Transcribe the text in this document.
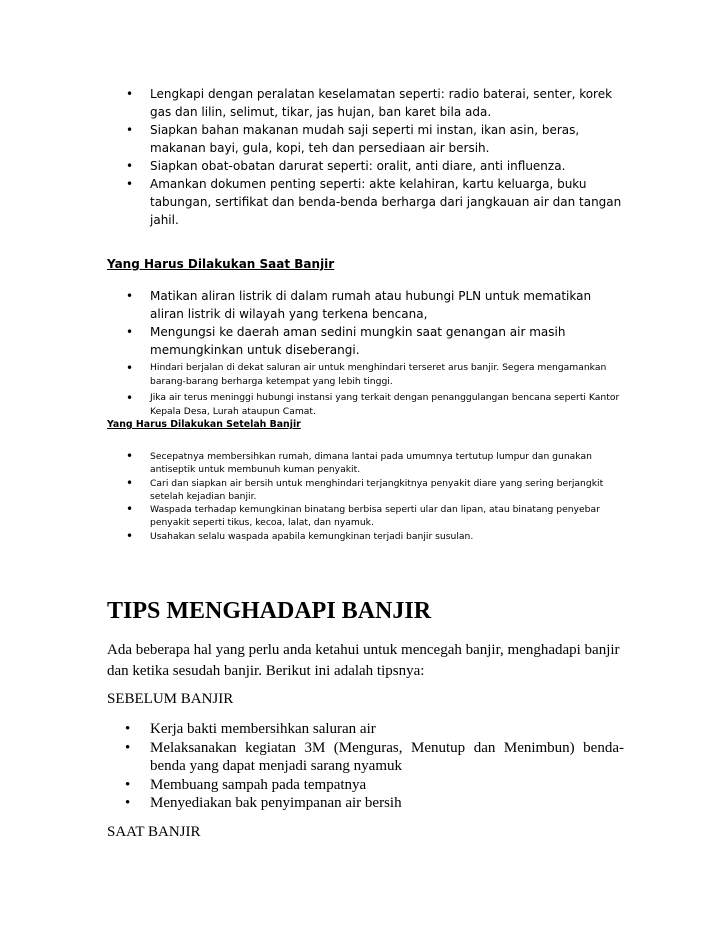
• Lengkapi dengan peralatan keselamatan seperti: radio baterai, senter, korek gas dan lilin, selimut, tikar, jas hujan, ban karet bila ada.
• Siapkan bahan makanan mudah saji seperti mi instan, ikan asin, beras, makanan bayi, gula, kopi, teh dan persediaan air bersih.
• Siapkan obat-obatan darurat seperti: oralit, anti diare, anti influenza.
• Amankan dokumen penting seperti: akte kelahiran, kartu keluarga, buku tabungan, sertifikat dan benda-benda berharga dari jangkauan air dan tangan jahil.
Yang Harus Dilakukan Saat Banjir
• Matikan aliran listrik di dalam rumah atau hubungi PLN untuk mematikan aliran listrik di wilayah yang terkena bencana,
• Mengungsi ke daerah aman sedini mungkin saat genangan air masih memungkinkan untuk diseberangi.
• Hindari berjalan di dekat saluran air untuk menghindari terseret arus banjir. Segera mengamankan barang-barang berharga ketempat yang lebih tinggi.
• Jika air terus meninggi hubungi instansi yang terkait dengan penanggulangan bencana seperti Kantor Kepala Desa, Lurah ataupun Camat.
Yang Harus Dilakukan Setelah Banjir
• Secepatnya membersihkan rumah, dimana lantai pada umumnya tertutup lumpur dan gunakan antiseptik untuk membunuh kuman penyakit.
• Cari dan siapkan air bersih untuk menghindari terjangkitnya penyakit diare yang sering berjangkit setelah kejadian banjir.
• Waspada terhadap kemungkinan binatang berbisa seperti ular dan lipan, atau binatang penyebar penyakit seperti tikus, kecoa, lalat, dan nyamuk.
• Usahakan selalu waspada apabila kemungkinan terjadi banjir susulan.
TIPS MENGHADAPI BANJIR
Ada beberapa hal yang perlu anda ketahui untuk mencegah banjir, menghadapi banjir dan ketika sesudah banjir. Berikut ini adalah tipsnya:
SEBELUM BANJIR
• Kerja bakti membersihkan saluran air
• Melaksanakan kegiatan 3M (Menguras, Menutup dan Menimbun) benda-benda yang dapat menjadi sarang nyamuk
• Membuang sampah pada tempatnya
• Menyediakan bak penyimpanan air bersih
SAAT BANJIR
